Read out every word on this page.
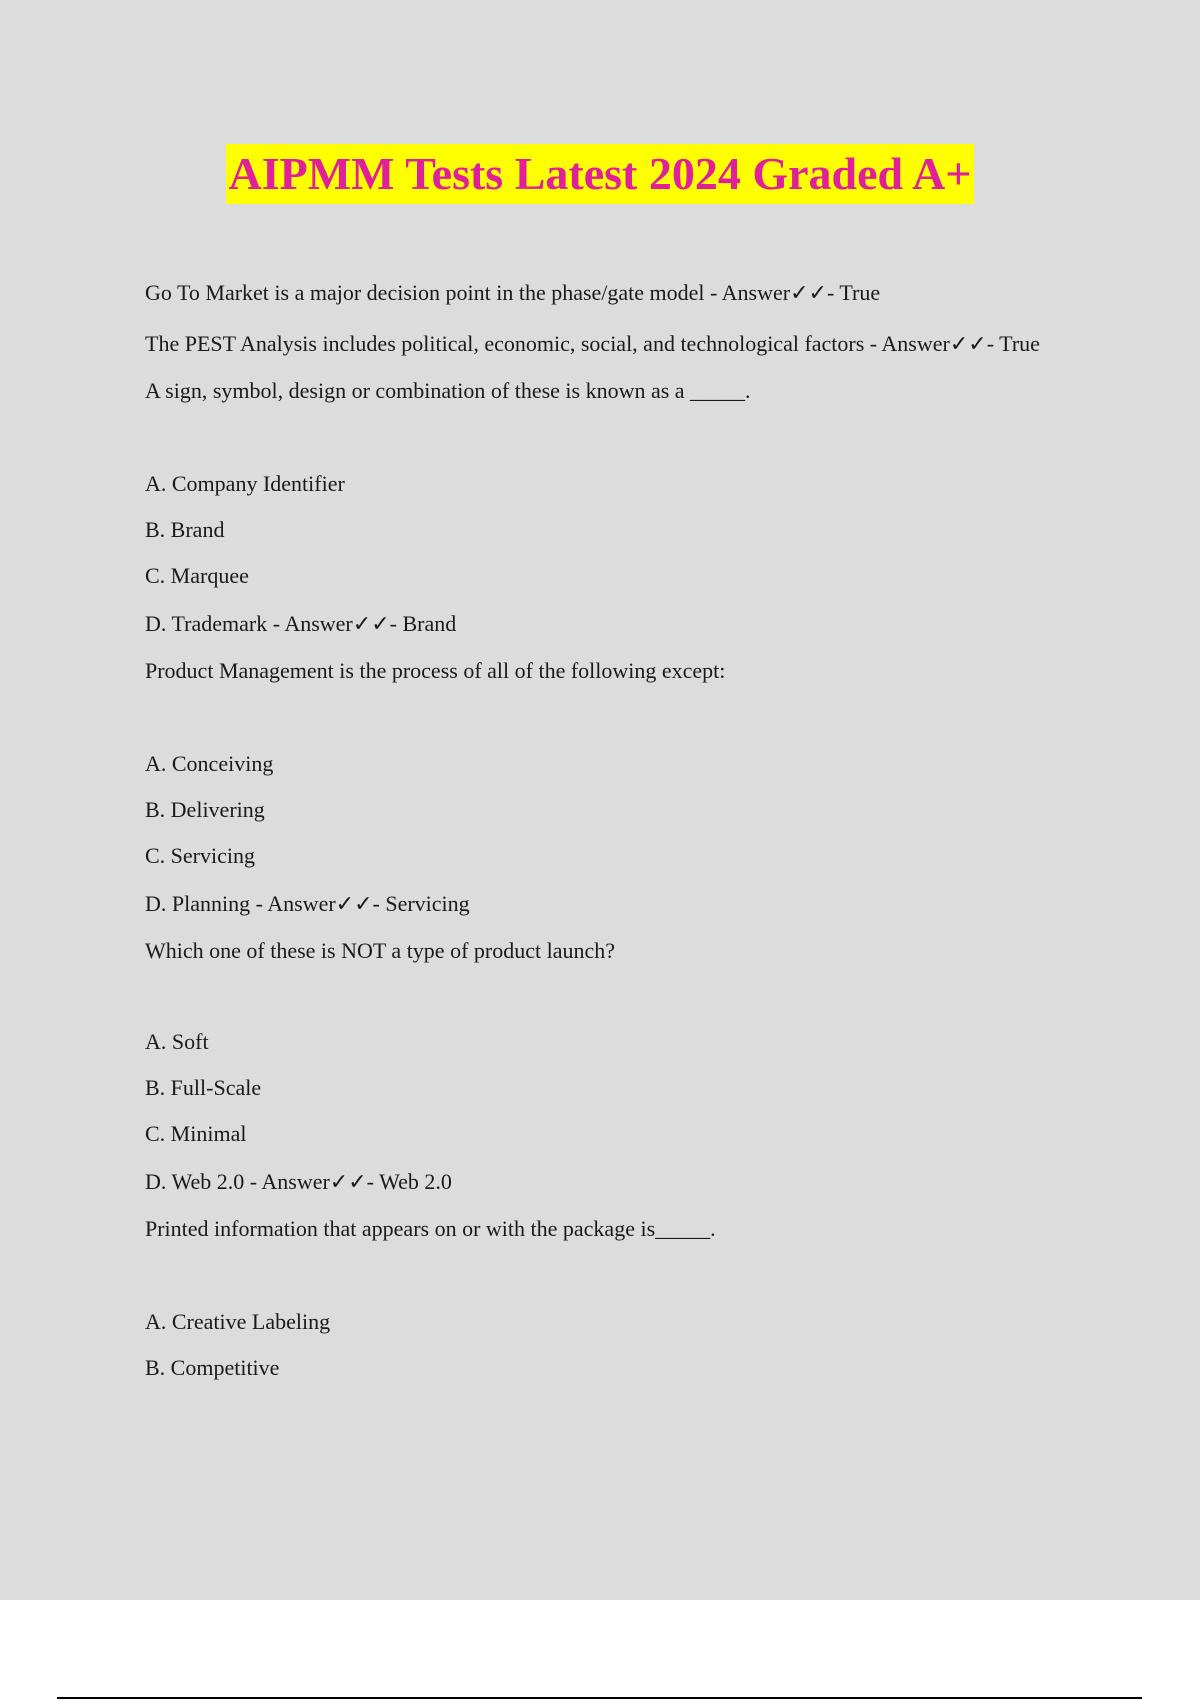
AIPMM Tests Latest 2024 Graded A+

Go To Market is a major decision point in the phase/gate model - Answer✓✓- True

The PEST Analysis includes political, economic, social, and technological factors - Answer✓✓- True

A sign, symbol, design or combination of these is known as a _____.

A. Company Identifier

B. Brand

C. Marquee

D. Trademark - Answer✓✓- Brand

Product Management is the process of all of the following except:

A. Conceiving

B. Delivering

C. Servicing

D. Planning - Answer✓✓- Servicing

Which one of these is NOT a type of product launch?

A. Soft

B. Full-Scale

C. Minimal

D. Web 2.0 - Answer✓✓- Web 2.0

Printed information that appears on or with the package is_____.

A. Creative Labeling

B. Competitive
